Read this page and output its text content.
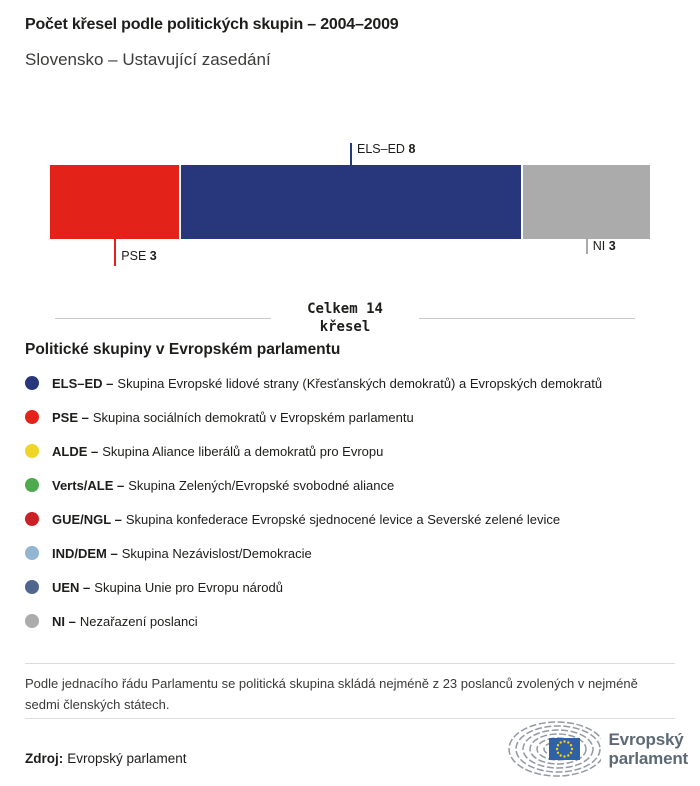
Počet křesel podle politických skupin – 2004–2009
Slovensko – Ustavující zasedání
ELS–ED 8
PSE 3
NI 3
Celkem 14 křesel
Politické skupiny v Evropském parlamentu
ELS–ED – Skupina Evropské lidové strany (Křesťanských demokratů) a Evropských demokratů
PSE – Skupina sociálních demokratů v Evropském parlamentu
ALDE – Skupina Aliance liberálů a demokratů pro Evropu
Verts/ALE – Skupina Zelených/Evropské svobodné aliance
GUE/NGL – Skupina konfederace Evropské sjednocené levice a Severské zelené levice
IND/DEM – Skupina Nezávislost/Demokracie
UEN – Skupina Unie pro Evropu národů
NI – Nezařazení poslanci
Podle jednacího řádu Parlamentu se politická skupina skládá nejméně z 23 poslanců zvolených v nejméně sedmi členských státech.
Zdroj: Evropský parlament
Evropský
parlament
